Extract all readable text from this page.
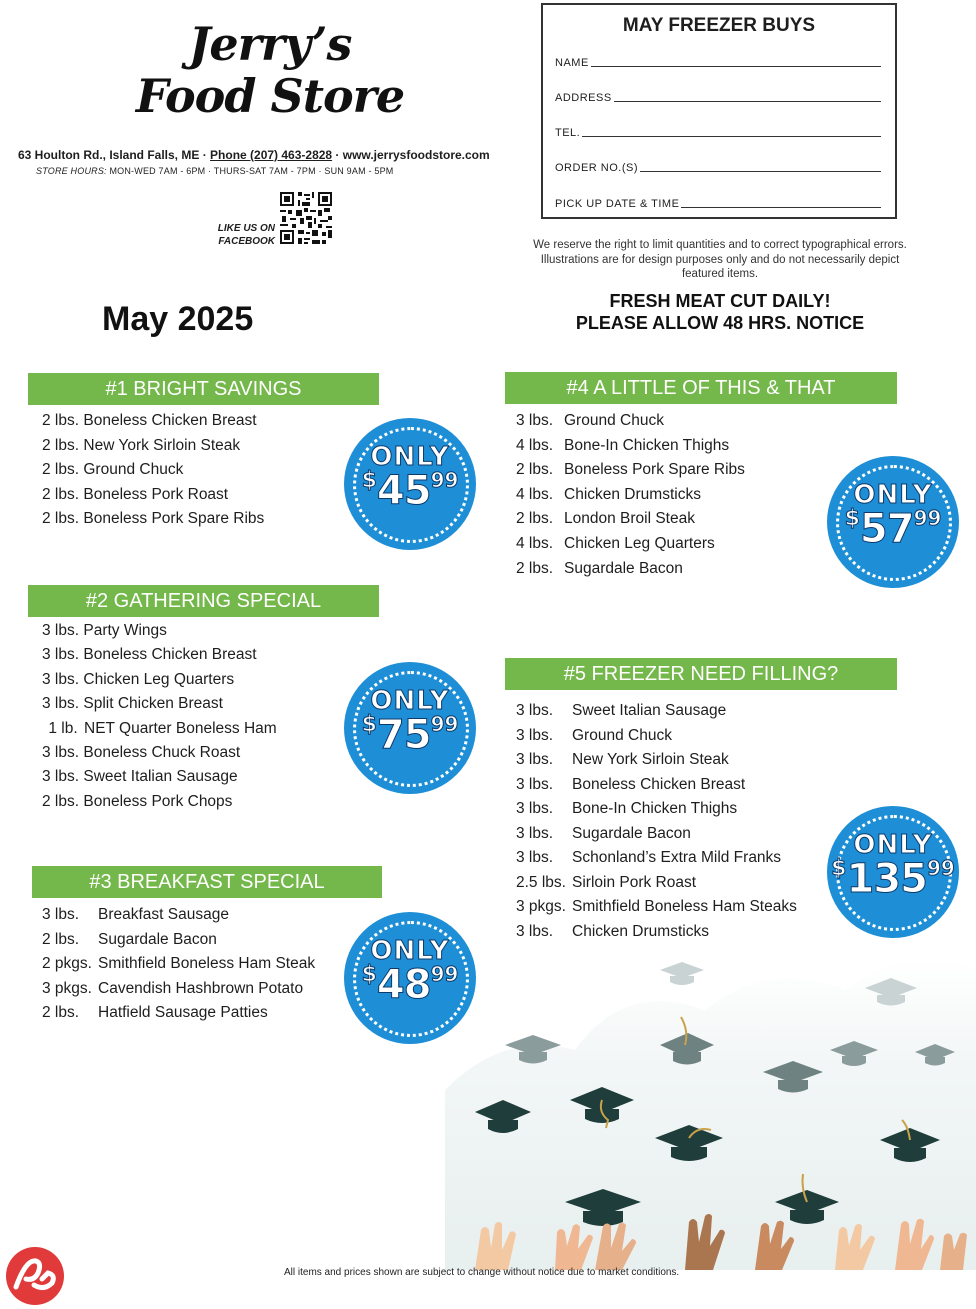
Jerry’s
Food Store
63 Houlton Rd., Island Falls, ME · Phone (207) 463-2828 · www.jerrysfoodstore.com
STORE HOURS: MON-WED 7AM - 6PM · THURS-SAT 7AM - 7PM · SUN 9AM - 5PM
LIKE US ON
FACEBOOK
May 2025
MAY FREEZER BUYS
NAME
ADDRESS
TEL.
ORDER NO.(S)
PICK UP DATE & TIME
We reserve the right to limit quantities and to correct typographical errors. Illustrations are for design purposes only and do not necessarily depict featured items.
FRESH MEAT CUT DAILY!
PLEASE ALLOW 48 HRS. NOTICE
#1 BRIGHT SAVINGS
2 lbs. Boneless Chicken Breast
2 lbs. New York Sirloin Steak
2 lbs. Ground Chuck
2 lbs. Boneless Pork Roast
2 lbs. Boneless Pork Spare Ribs
ONLY
$4599
#2 GATHERING SPECIAL
3 lbs. Party Wings
3 lbs. Boneless Chicken Breast
3 lbs. Chicken Leg Quarters
3 lbs. Split Chicken Breast
1 lb. NET Quarter Boneless Ham
3 lbs. Boneless Chuck Roast
3 lbs. Sweet Italian Sausage
2 lbs. Boneless Pork Chops
ONLY
$7599
#3 BREAKFAST SPECIAL
3 lbs. Breakfast Sausage
2 lbs. Sugardale Bacon
2 pkgs. Smithfield Boneless Ham Steak
3 pkgs. Cavendish Hashbrown Potato
2 lbs. Hatfield Sausage Patties
ONLY
$4899
#4 A LITTLE OF THIS & THAT
3 lbs. Ground Chuck
4 lbs. Bone-In Chicken Thighs
2 lbs. Boneless Pork Spare Ribs
4 lbs. Chicken Drumsticks
2 lbs. London Broil Steak
4 lbs. Chicken Leg Quarters
2 lbs. Sugardale Bacon
ONLY
$5799
#5 FREEZER NEED FILLING?
3 lbs. Sweet Italian Sausage
3 lbs. Ground Chuck
3 lbs. New York Sirloin Steak
3 lbs. Boneless Chicken Breast
3 lbs. Bone-In Chicken Thighs
3 lbs. Sugardale Bacon
3 lbs. Schonland’s Extra Mild Franks
2.5 lbs. Sirloin Pork Roast
3 pkgs. Smithfield Boneless Ham Steaks
3 lbs. Chicken Drumsticks
ONLY
$13599
All items and prices shown are subject to change without notice due to market conditions.
